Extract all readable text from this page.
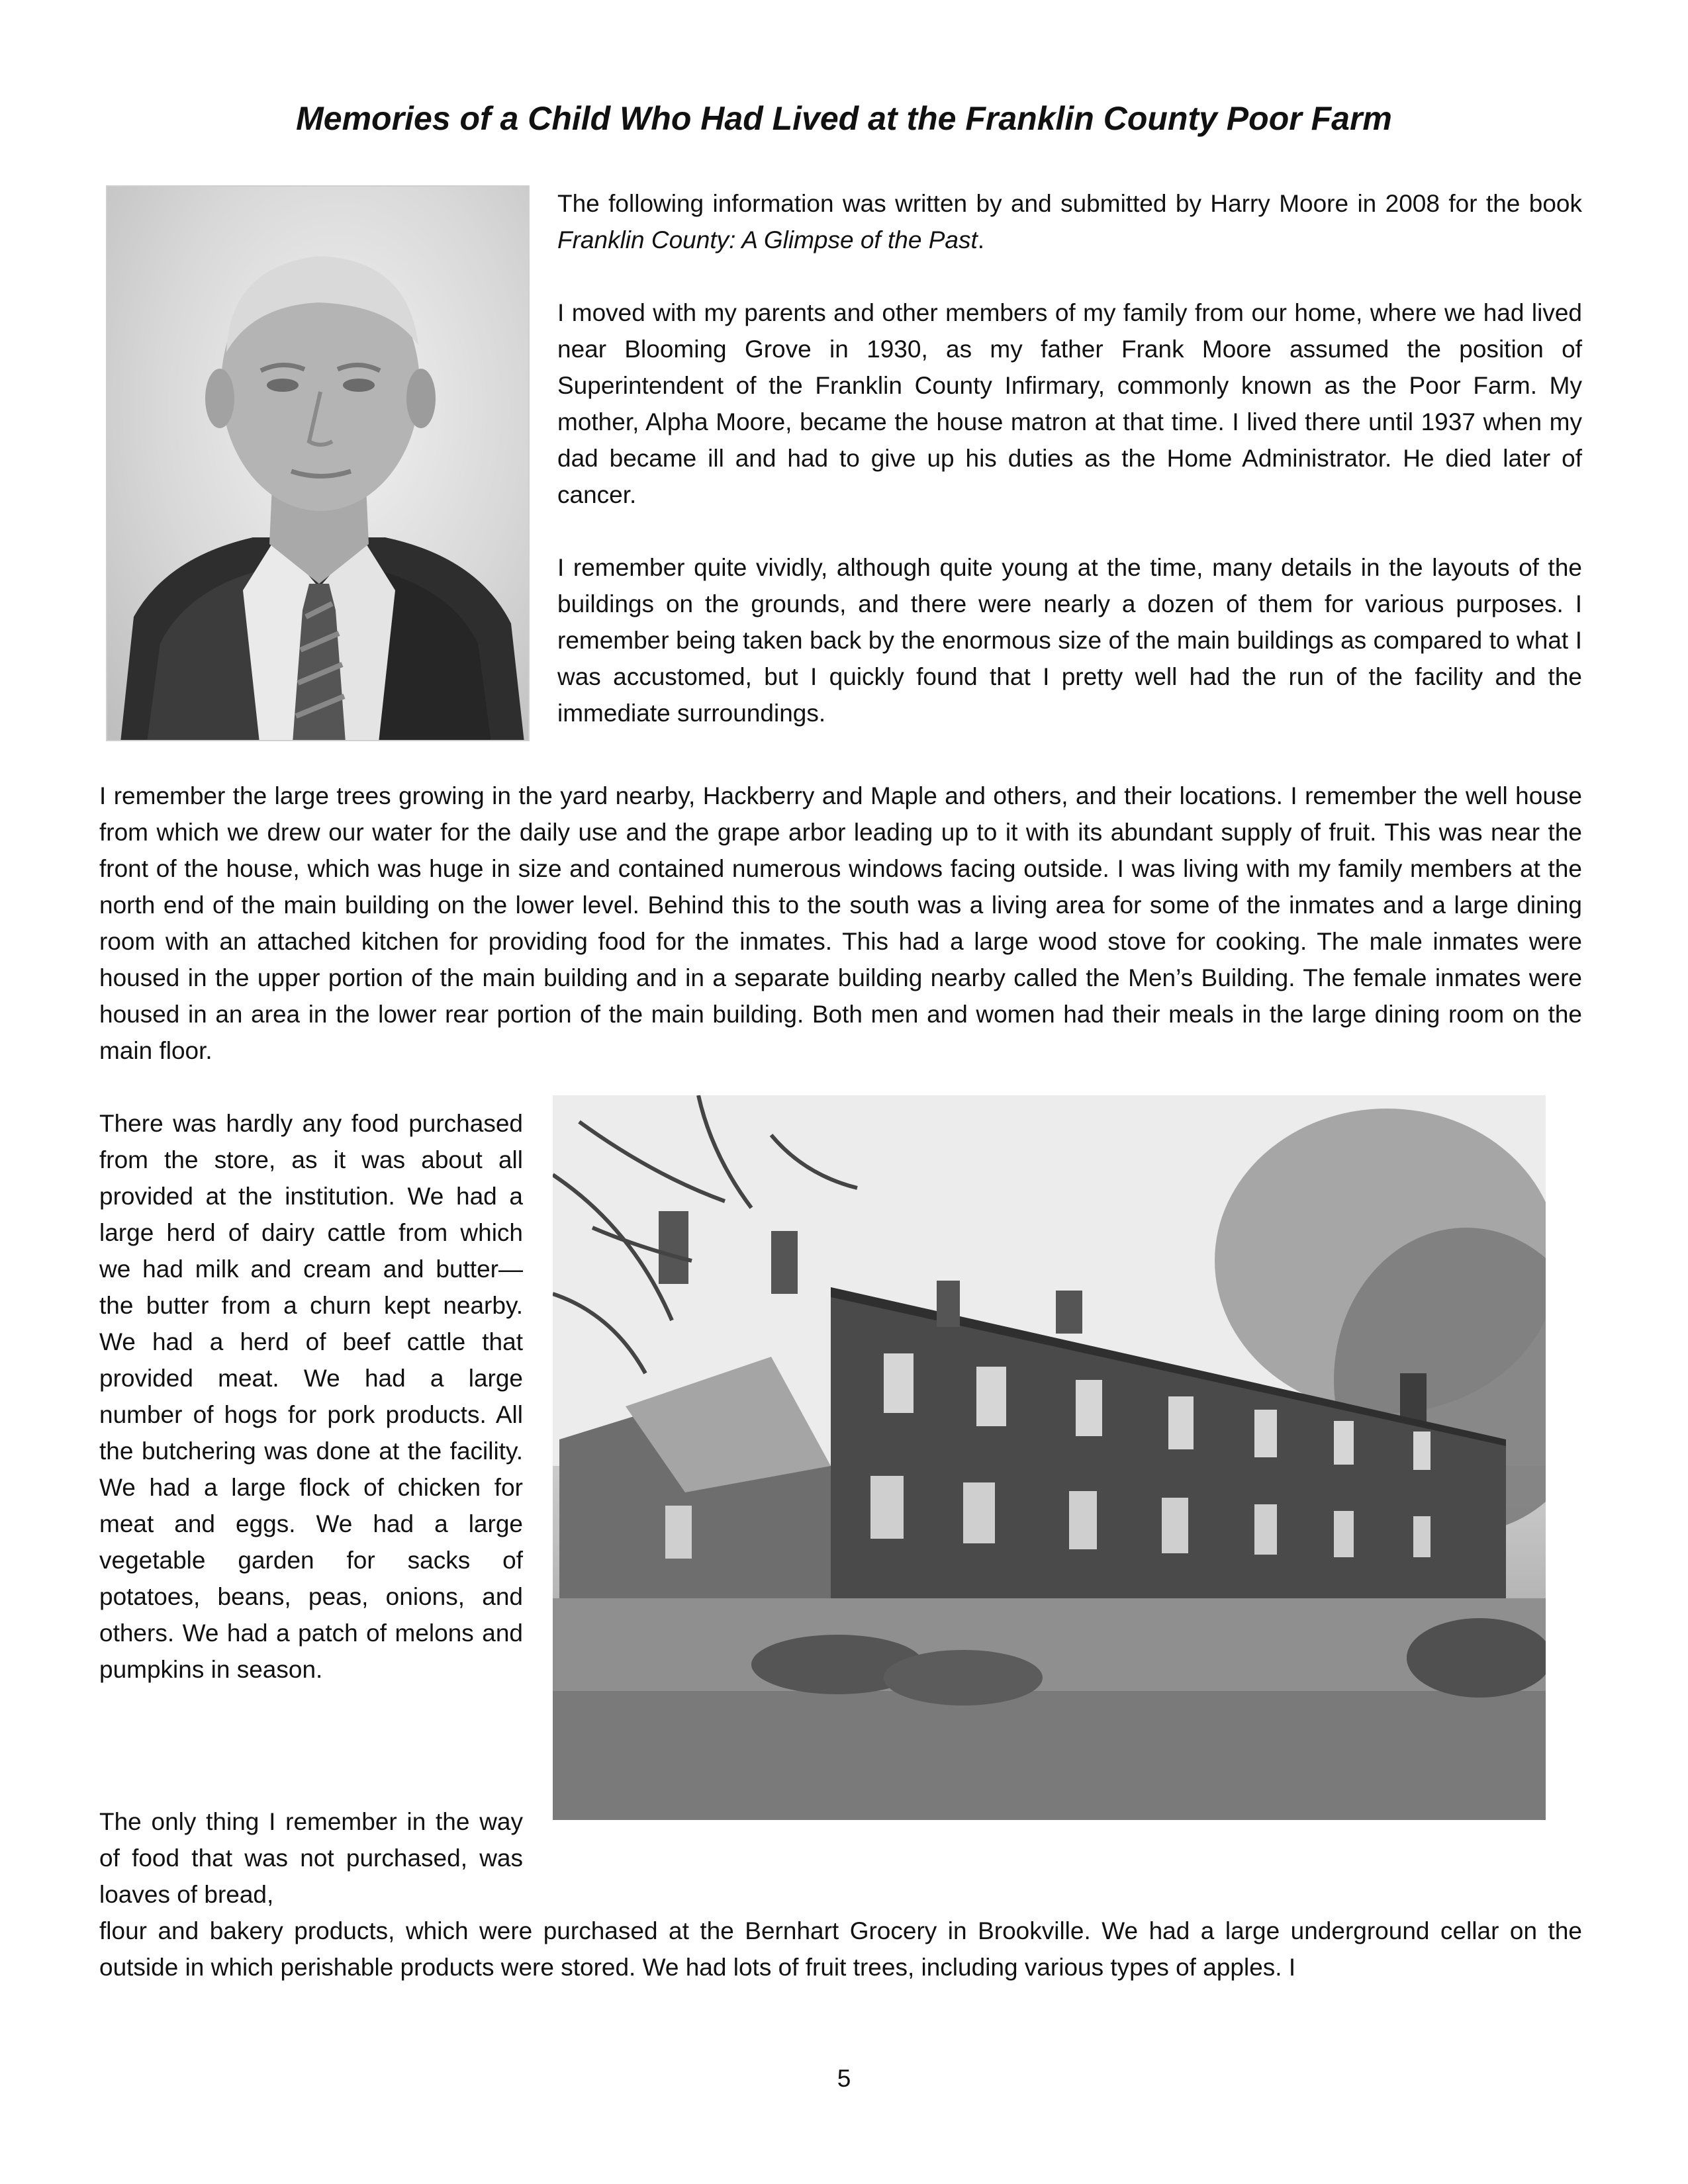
Memories of a Child Who Had Lived at the Franklin County Poor Farm

The following information was written by and submitted by Harry Moore in 2008 for the book Franklin County: A Glimpse of the Past.

I moved with my parents and other members of my family from our home, where we had lived near Blooming Grove in 1930, as my father Frank Moore assumed the position of Superintendent of the Franklin County Infirmary, commonly known as the Poor Farm. My mother, Alpha Moore, became the house matron at that time. I lived there until 1937 when my dad became ill and had to give up his duties as the Home Administrator. He died later of cancer.

I remember quite vividly, although quite young at the time, many details in the layouts of the buildings on the grounds, and there were nearly a dozen of them for various purposes. I remember being taken back by the enormous size of the main buildings as compared to what I was accustomed, but I quickly found that I pretty well had the run of the facility and the immediate surroundings.

I remember the large trees growing in the yard nearby, Hackberry and Maple and others, and their locations. I remember the well house from which we drew our water for the daily use and the grape arbor leading up to it with its abundant supply of fruit. This was near the front of the house, which was huge in size and contained numerous windows facing outside. I was living with my family members at the north end of the main building on the lower level. Behind this to the south was a living area for some of the inmates and a large dining room with an attached kitchen for providing food for the inmates. This had a large wood stove for cooking. The male inmates were housed in the upper portion of the main building and in a separate building nearby called the Men’s Building. The female inmates were housed in an area in the lower rear portion of the main building. Both men and women had their meals in the large dining room on the main floor.

There was hardly any food purchased from the store, as it was about all provided at the institution. We had a large herd of dairy cattle from which we had milk and cream and butter—the butter from a churn kept nearby. We had a herd of beef cattle that provided meat. We had a large number of hogs for pork products. All the butchering was done at the facility. We had a large flock of chicken for meat and eggs. We had a large vegetable garden for sacks of potatoes, beans, peas, onions, and others. We had a patch of melons and pumpkins in season.

The only thing I remember in the way of food that was not purchased, was loaves of bread,

flour and bakery products, which were purchased at the Bernhart Grocery in Brookville. We had a large underground cellar on the outside in which perishable products were stored. We had lots of fruit trees, including various types of apples. I

5
